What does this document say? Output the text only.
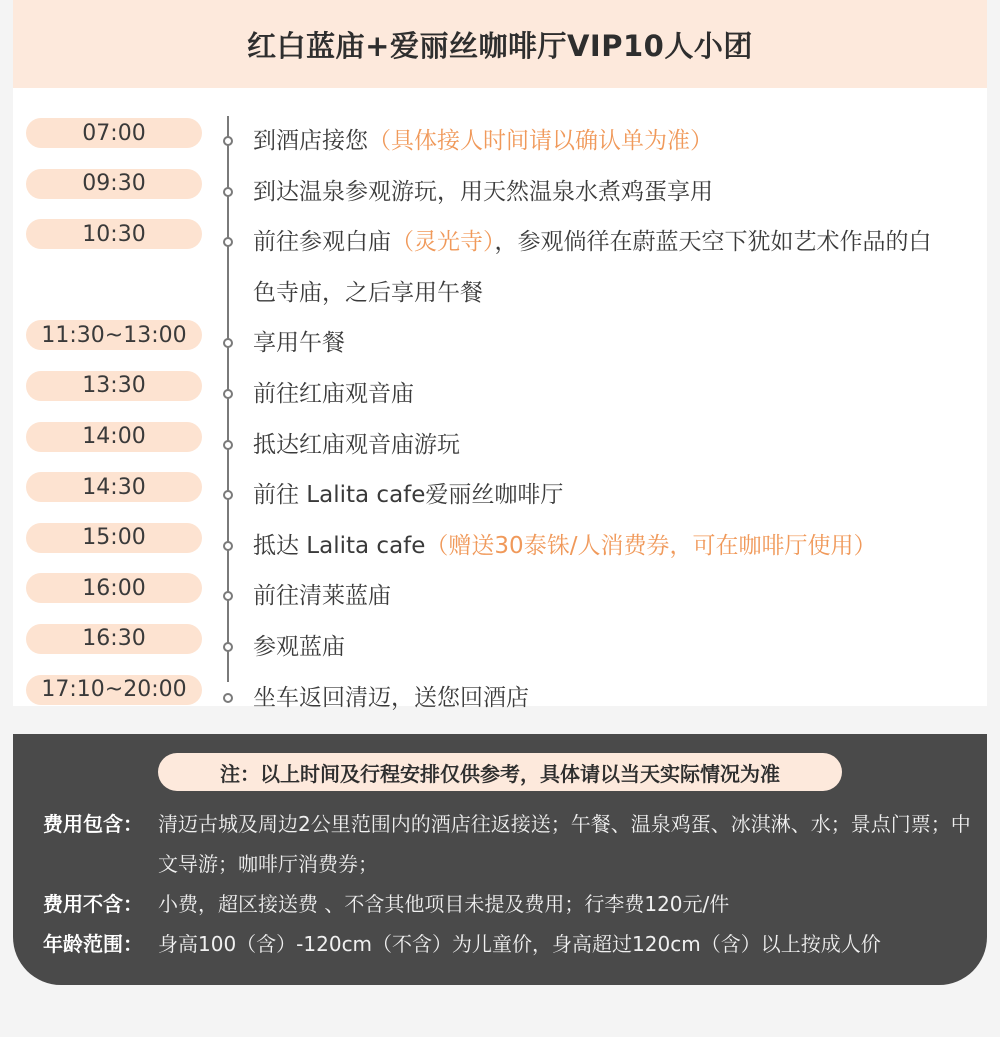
红白蓝庙+爱丽丝咖啡厅VIP10人小团
07:00	到酒店接您（具体接人时间请以确认单为准）
09:30	到达温泉参观游玩，用天然温泉水煮鸡蛋享用
10:30	前往参观白庙（灵光寺），参观倘徉在蔚蓝天空下犹如艺术作品的白色寺庙，之后享用午餐
11:30~13:00	享用午餐
13:30	前往红庙观音庙
14:00	抵达红庙观音庙游玩
14:30	前往 Lalita cafe爱丽丝咖啡厅
15:00	抵达 Lalita cafe（赠送30泰铢/人消费券，可在咖啡厅使用）
16:00	前往清莱蓝庙
16:30	参观蓝庙
17:10~20:00	坐车返回清迈，送您回酒店
注：以上时间及行程安排仅供参考，具体请以当天实际情况为准
费用包含： 清迈古城及周边2公里范围内的酒店往返接送；午餐、温泉鸡蛋、冰淇淋、水；景点门票；中文导游；咖啡厅消费券；
费用不含： 小费，超区接送费 、不含其他项目未提及费用；行李费120元/件
年龄范围： 身高100（含）-120cm（不含）为儿童价，身高超过120cm（含）以上按成人价
